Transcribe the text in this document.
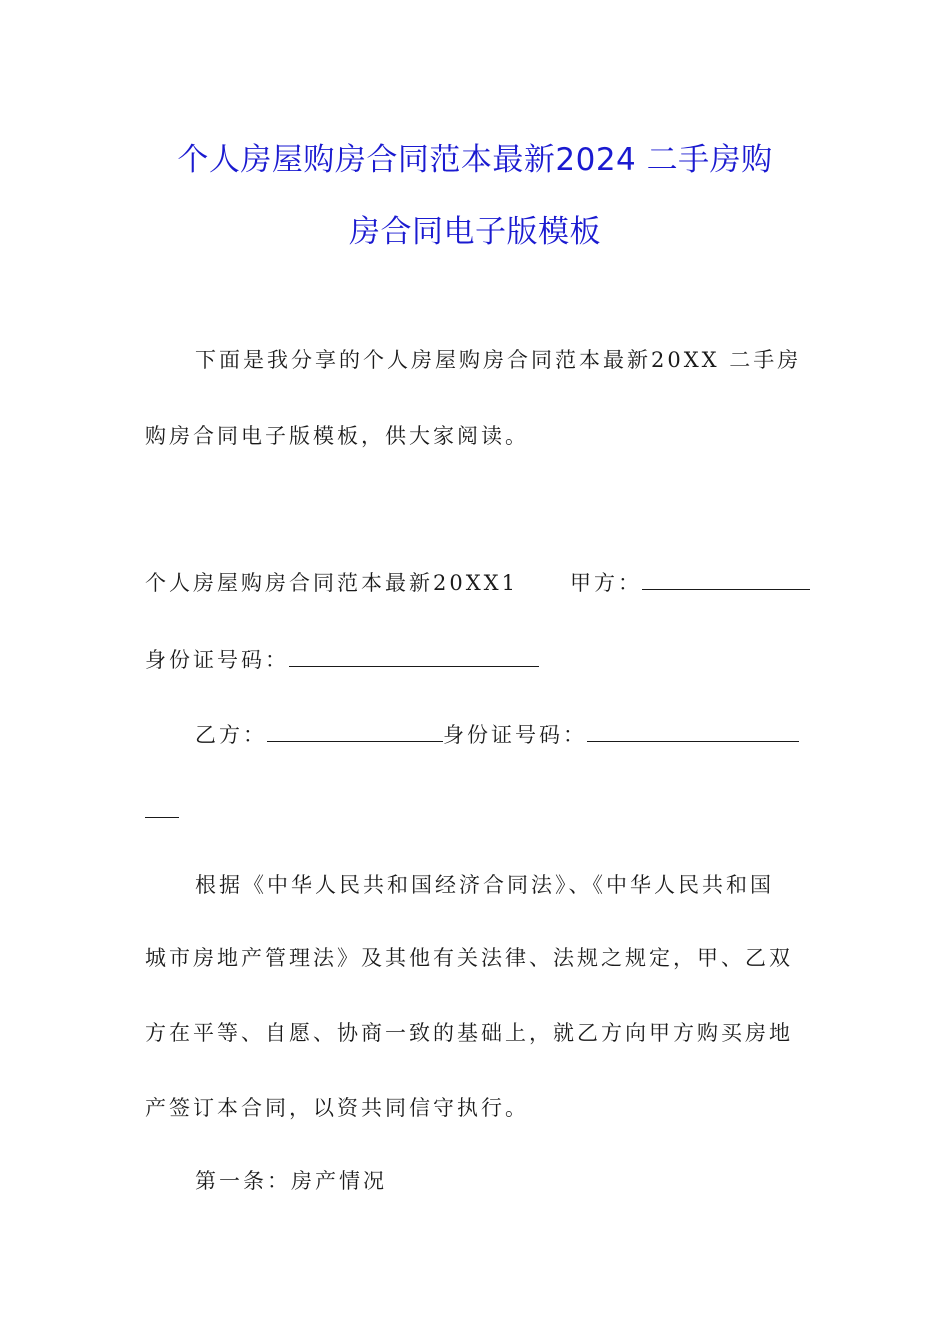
个人房屋购房合同范本最新2024 二手房购
房合同电子版模板
下面是我分享的个人房屋购房合同范本最新20XX 二手房
购房合同电子版模板，供大家阅读。
个人房屋购房合同范本最新20XX1 甲方：
身份证号码：
乙方：	身份证号码：
根据《中华人民共和国经济合同法》、《中华人民共和国
城市房地产管理法》及其他有关法律、法规之规定，甲、乙双
方在平等、自愿、协商一致的基础上，就乙方向甲方购买房地
产签订本合同，以资共同信守执行。
第一条：房产情况
